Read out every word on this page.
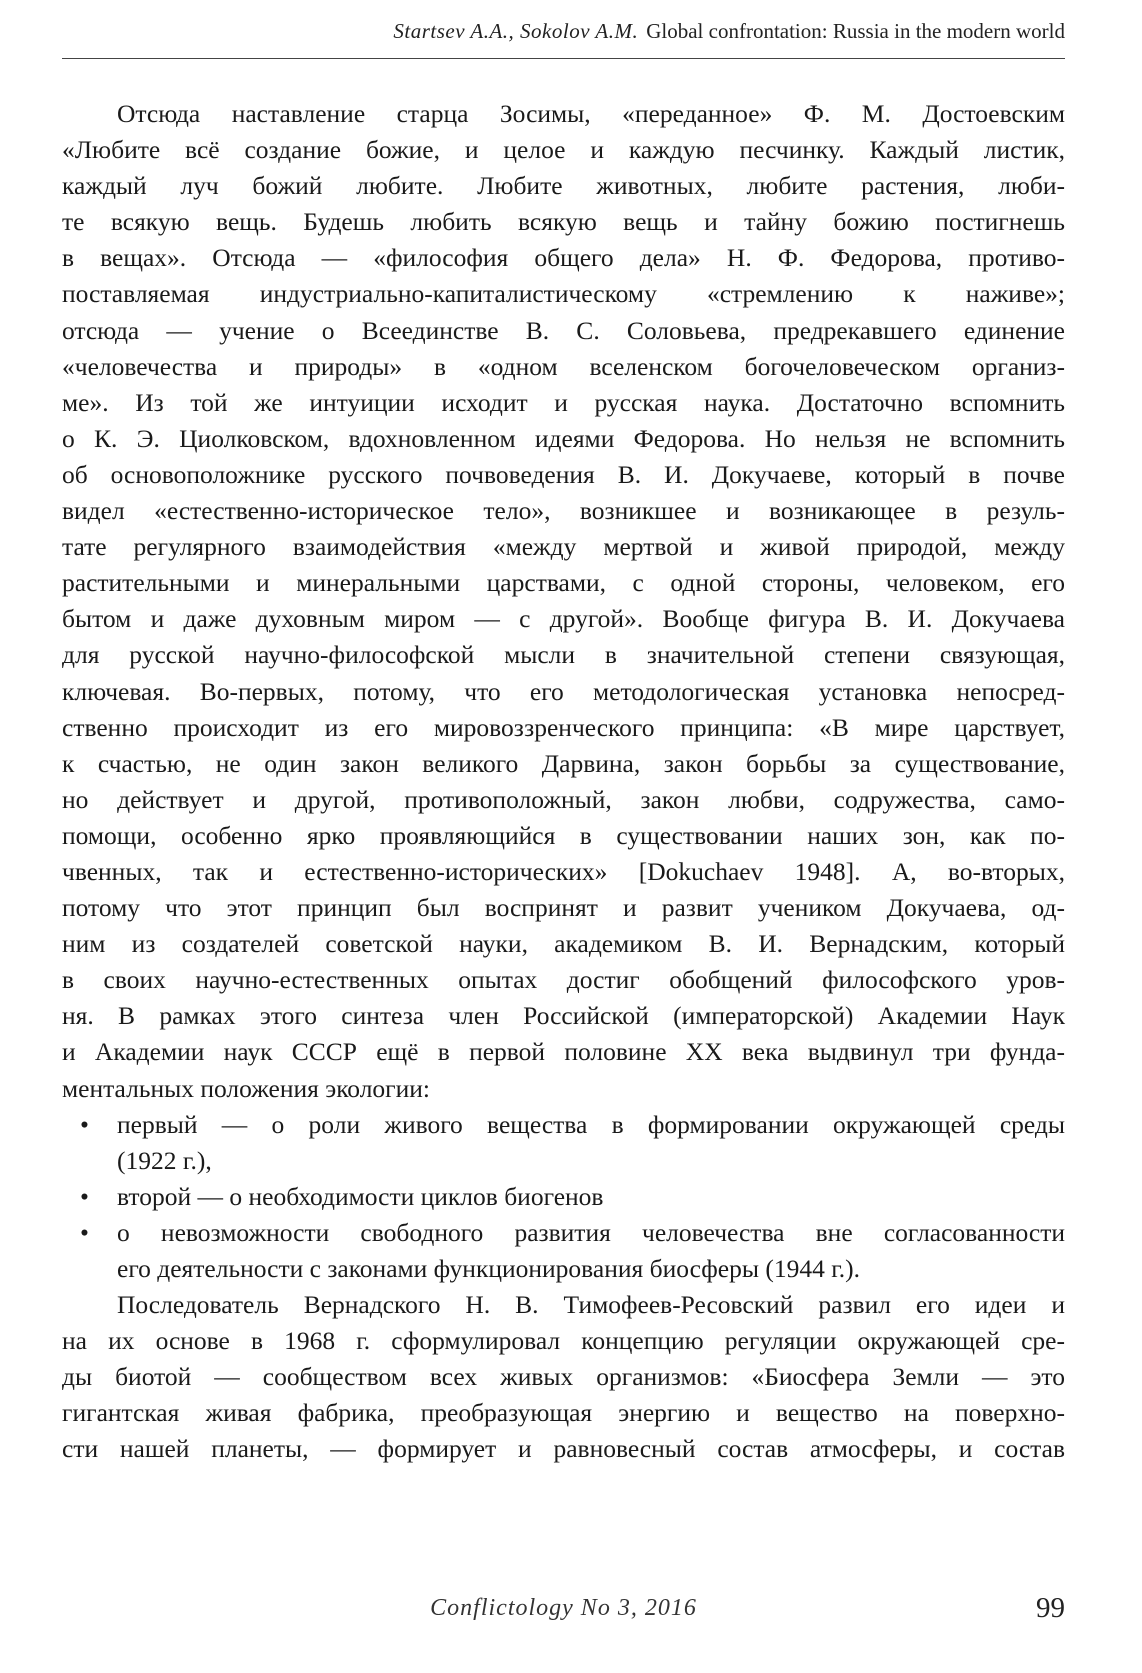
Startsev A.A., Sokolov A.M. Global confrontation: Russia in the modern world
Отсюда наставление старца Зосимы, «переданное» Ф. М. Достоевским
«Любите всё создание божие, и целое и каждую песчинку. Каждый листик,
каждый луч божий любите. Любите животных, любите растения, люби-
те всякую вещь. Будешь любить всякую вещь и тайну божию постигнешь
в вещах». Отсюда — «философия общего дела» Н. Ф. Федорова, противо-
поставляемая индустриально-капиталистическому «стремлению к наживе»;
отсюда — учение о Всеединстве В. С. Соловьева, предрекавшего единение
«человечества и природы» в «одном вселенском богочеловеческом организ-
ме». Из той же интуиции исходит и русская наука. Достаточно вспомнить
о К. Э. Циолковском, вдохновленном идеями Федорова. Но нельзя не вспомнить
об основоположнике русского почвоведения В. И. Докучаеве, который в почве
видел «естественно-историческое тело», возникшее и возникающее в резуль-
тате регулярного взаимодействия «между мертвой и живой природой, между
растительными и минеральными царствами, с одной стороны, человеком, его
бытом и даже духовным миром — с другой». Вообще фигура В. И. Докучаева
для русской научно-философской мысли в значительной степени связующая,
ключевая. Во-первых, потому, что его методологическая установка непосред-
ственно происходит из его мировоззренческого принципа: «В мире царствует,
к счастью, не один закон великого Дарвина, закон борьбы за существование,
но действует и другой, противоположный, закон любви, содружества, само-
помощи, особенно ярко проявляющийся в существовании наших зон, как по-
чвенных, так и естественно-исторических» [Dokuchaev 1948]. А, во-вторых,
потому что этот принцип был воспринят и развит учеником Докучаева, од-
ним из создателей советской науки, академиком В. И. Вернадским, который
в своих научно-естественных опытах достиг обобщений философского уров-
ня. В рамках этого синтеза член Российской (императорской) Академии Наук
и Академии наук СССР ещё в первой половине XX века выдвинул три фунда-
ментальных положения экологии:
• первый — о роли живого вещества в формировании окружающей среды
(1922 г.),
• второй — о необходимости циклов биогенов
• о невозможности свободного развития человечества вне согласованности
его деятельности с законами функционирования биосферы (1944 г.).
Последователь Вернадского Н. В. Тимофеев-Ресовский развил его идеи и
на их основе в 1968 г. сформулировал концепцию регуляции окружающей сре-
ды биотой — сообществом всех живых организмов: «Биосфера Земли — это
гигантская живая фабрика, преобразующая энергию и вещество на поверхно-
сти нашей планеты, — формирует и равновесный состав атмосферы, и состав
Conflictology No 3, 2016	99
